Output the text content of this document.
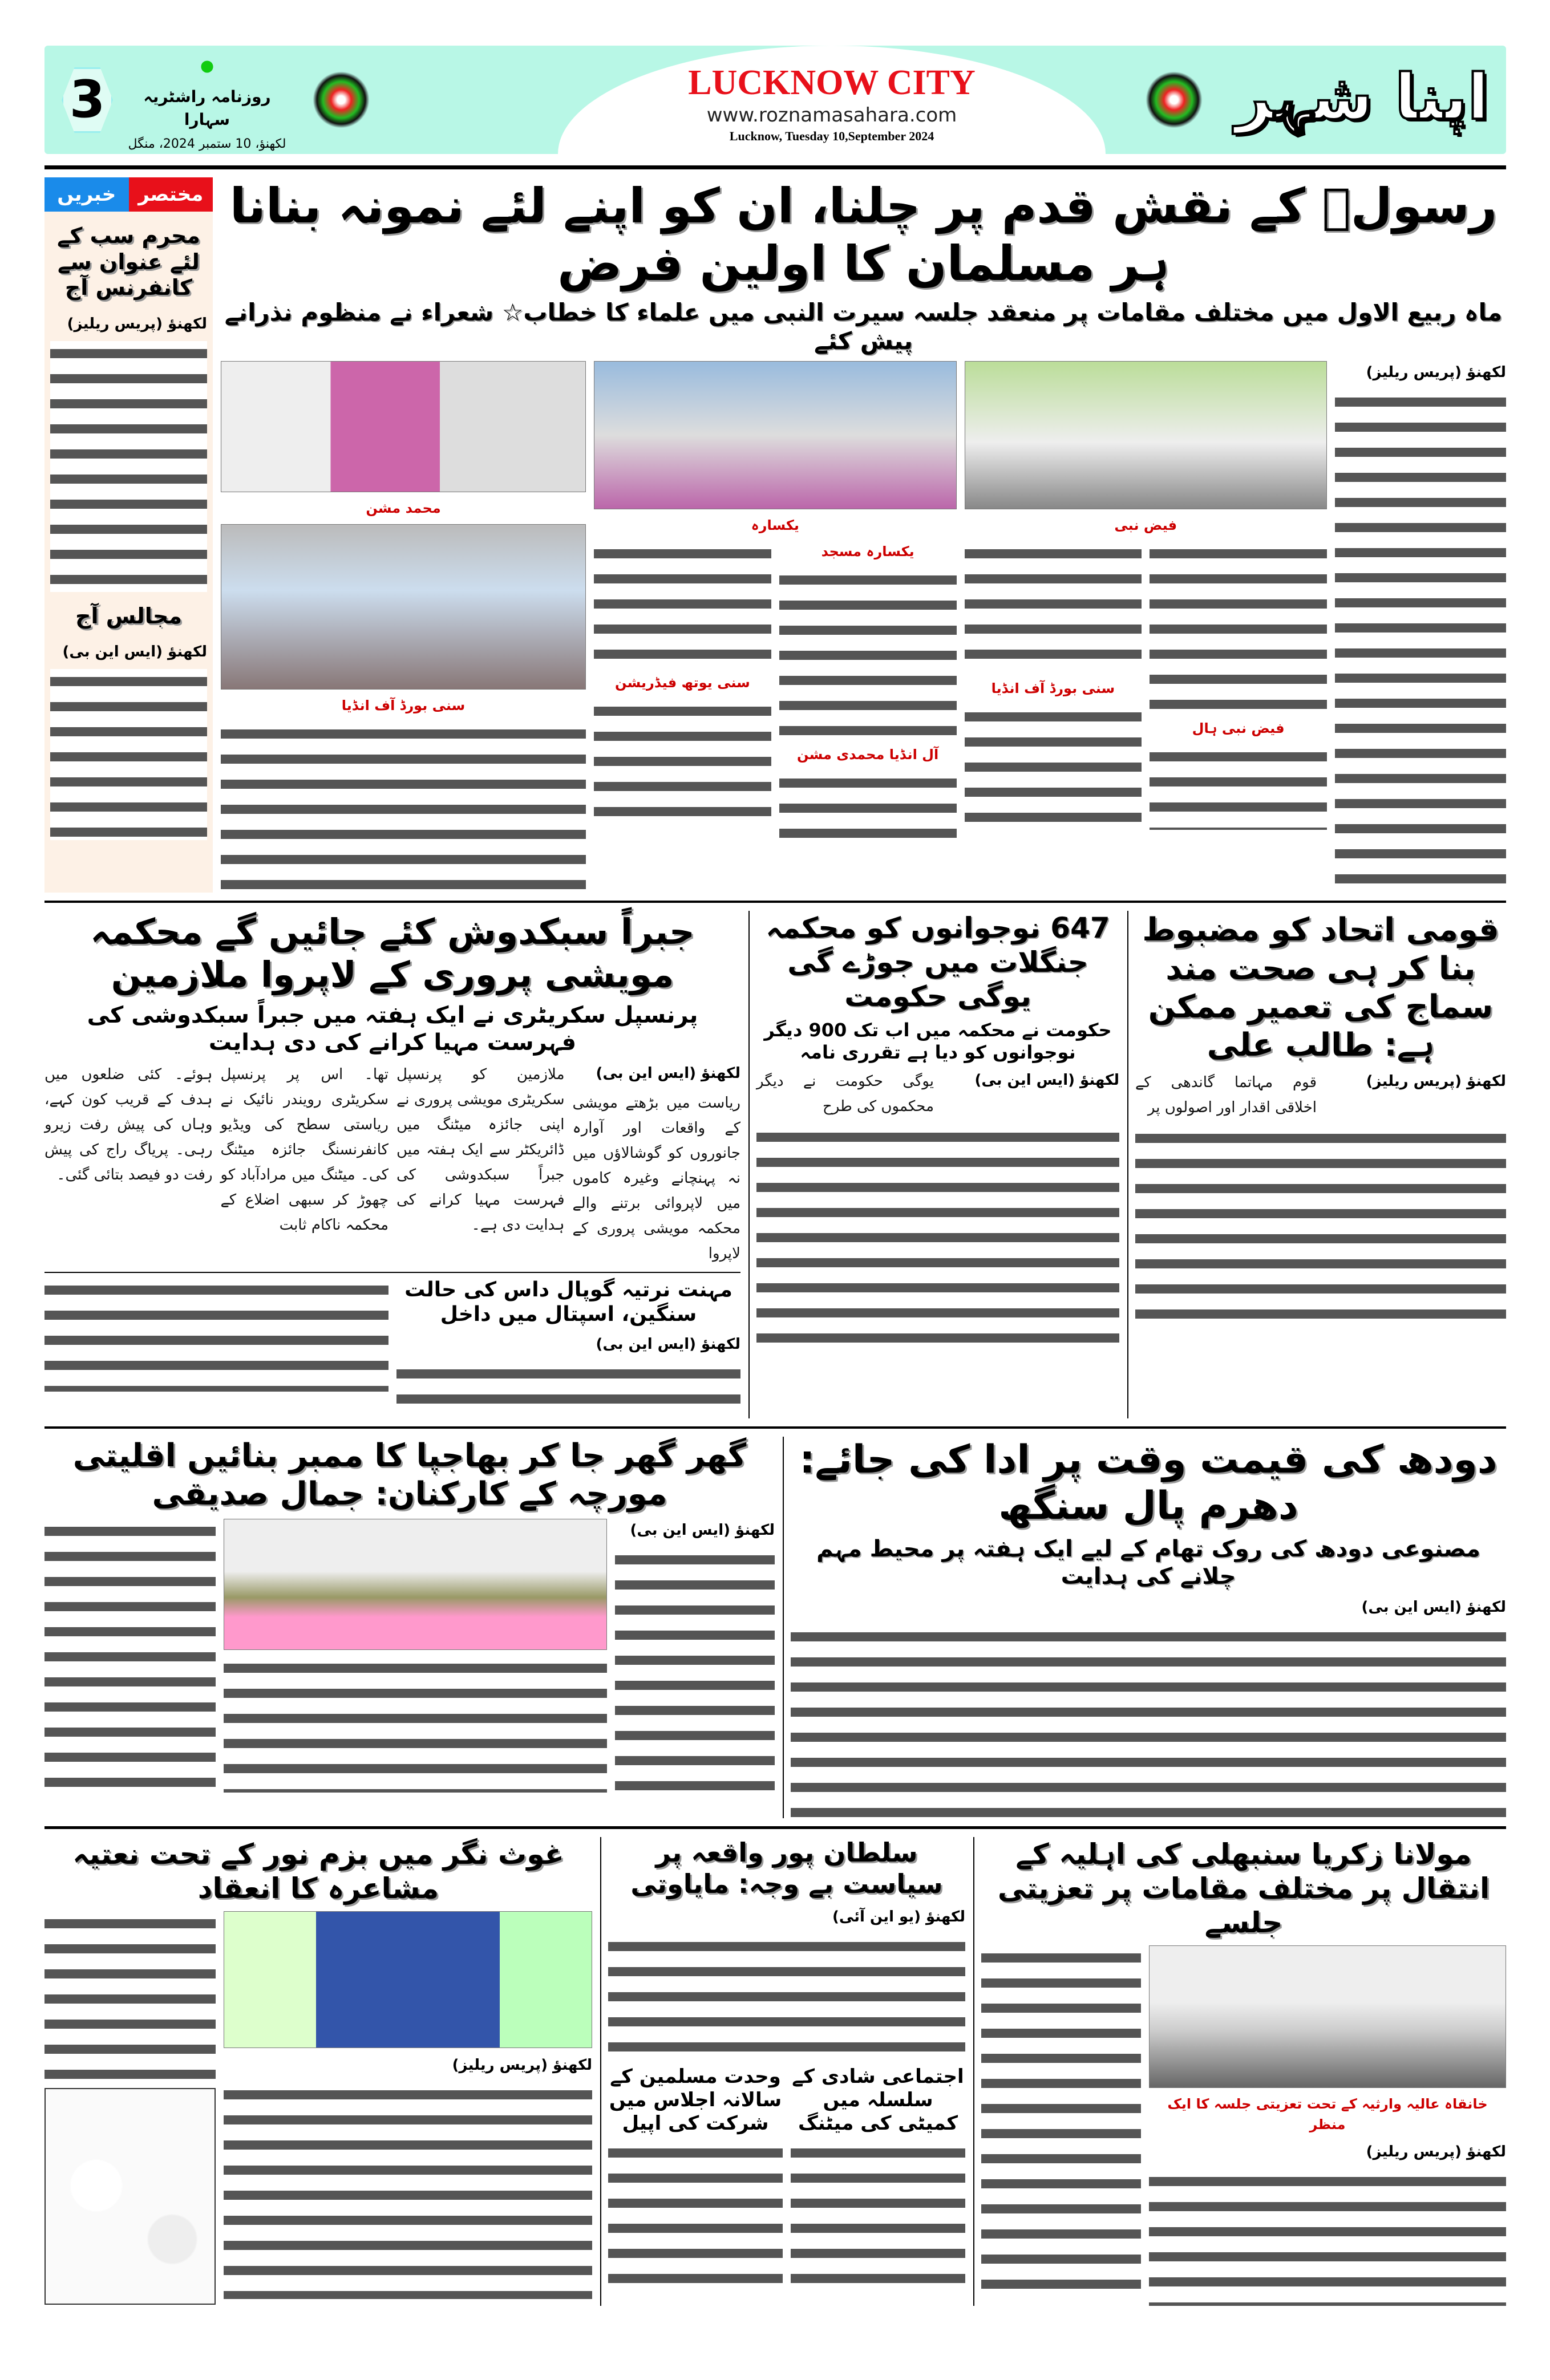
3
•
روزنامہ راشٹریہ سہارا
لکھنؤ، 10 ستمبر 2024، منگل
LUCKNOW CITY
www.roznamasahara.com
Lucknow, Tuesday 10,September 2024
اپنا شہر
خبریں	مختصر
محرم سب کے لئے عنوان سے کانفرنس آج
لکھنؤ (پریس ریلیز)
مجالس آج
لکھنؤ (ایس این بی)
رسولؐ کے نقش قدم پر چلنا، ان کو اپنے لئے نمونہ بنانا ہر مسلمان کا اولین فرض
ماہ ربیع الاول میں مختلف مقامات پر منعقد جلسہ سیرت النبی میں علماء کا خطاب☆ شعراء نے منظوم نذرانے پیش کئے
محمد مشن
سنی بورڈ آف انڈیا
یکسارہ	فیض نبی
سنی یوتھ فیڈریشن
یکسارہ مسجد
آل انڈیا محمدی مشن
سنی بورڈ آف انڈیا
فیض نبی ہال
لکھنؤ (پریس ریلیز)
جبراً سبکدوش کئے جائیں گے محکمہ مویشی پروری کے لاپروا ملازمین
پرنسپل سکریٹری نے ایک ہفتہ میں جبراً سبکدوشی کی فہرست مہیا کرانے کی دی ہدایت
لکھنؤ (ایس این بی)
ریاست میں بڑھتے مویشی کے واقعات اور آوارہ جانوروں کو گوشالاؤں میں نہ پہنچانے وغیرہ کاموں میں لاپروائی برتنے والے محکمہ مویشی پروری کے لاپروا
ملازمین کو پرنسپل سکریٹری مویشی پروری نے اپنی جائزہ میٹنگ میں ڈائریکٹر سے ایک ہفتہ میں جبراً سبکدوشی کی فہرست مہیا کرانے کی ہدایت دی ہے۔
تھا۔ اس پر پرنسپل سکریٹری رویندر نائیک نے ریاستی سطح کی ویڈیو کانفرنسنگ جائزہ میٹنگ کی۔ میٹنگ میں مرادآباد کو چھوڑ کر سبھی اضلاع کے محکمہ ناکام ثابت
ہوئے۔ کئی ضلعوں میں ہدف کے قریب کون کہے، وہاں کی پیش رفت زیرو رہی۔ پریاگ راج کی پیش رفت دو فیصد بتائی گئی۔
مہنت نرتیہ گوپال داس کی حالت سنگین، اسپتال میں داخل
لکھنؤ (ایس این بی)
647 نوجوانوں کو محکمہ جنگلات میں جوڑے گی یوگی حکومت
حکومت نے محکمہ میں اب تک 900 دیگر نوجوانوں کو دیا ہے تقرری نامہ
لکھنؤ (ایس این بی)
یوگی حکومت نے دیگر محکموں کی طرح
قومی اتحاد کو مضبوط بنا کر ہی صحت مند سماج کی تعمیر ممکن ہے: طالب علی
لکھنؤ (پریس ریلیز)
قوم مہاتما گاندھی کے اخلاقی اقدار اور اصولوں پر
گھر گھر جا کر بھاجپا کا ممبر بنائیں اقلیتی مورچہ کے کارکنان: جمال صدیقی
لکھنؤ (ایس این بی)
دودھ کی قیمت وقت پر ادا کی جائے: دھرم پال سنگھ
مصنوعی دودھ کی روک تھام کے لیے ایک ہفتہ پر محیط مہم چلانے کی ہدایت
لکھنؤ (ایس این بی)
غوث نگر میں بزم نور کے تحت نعتیہ مشاعرہ کا انعقاد
لکھنؤ (پریس ریلیز)
سلطان پور واقعہ پر سیاست بے وجہ: مایاوتی
لکھنؤ (یو این آئی)
وحدت مسلمین کے سالانہ اجلاس میں شرکت کی اپیل
اجتماعی شادی کے سلسلہ میں کمیٹی کی میٹنگ
مولانا زکریا سنبھلی کی اہلیہ کے انتقال پر مختلف مقامات پر تعزیتی جلسے
خانقاہ عالیہ وارثیہ کے تحت تعزیتی جلسہ کا ایک منظر
لکھنؤ (پریس ریلیز)
